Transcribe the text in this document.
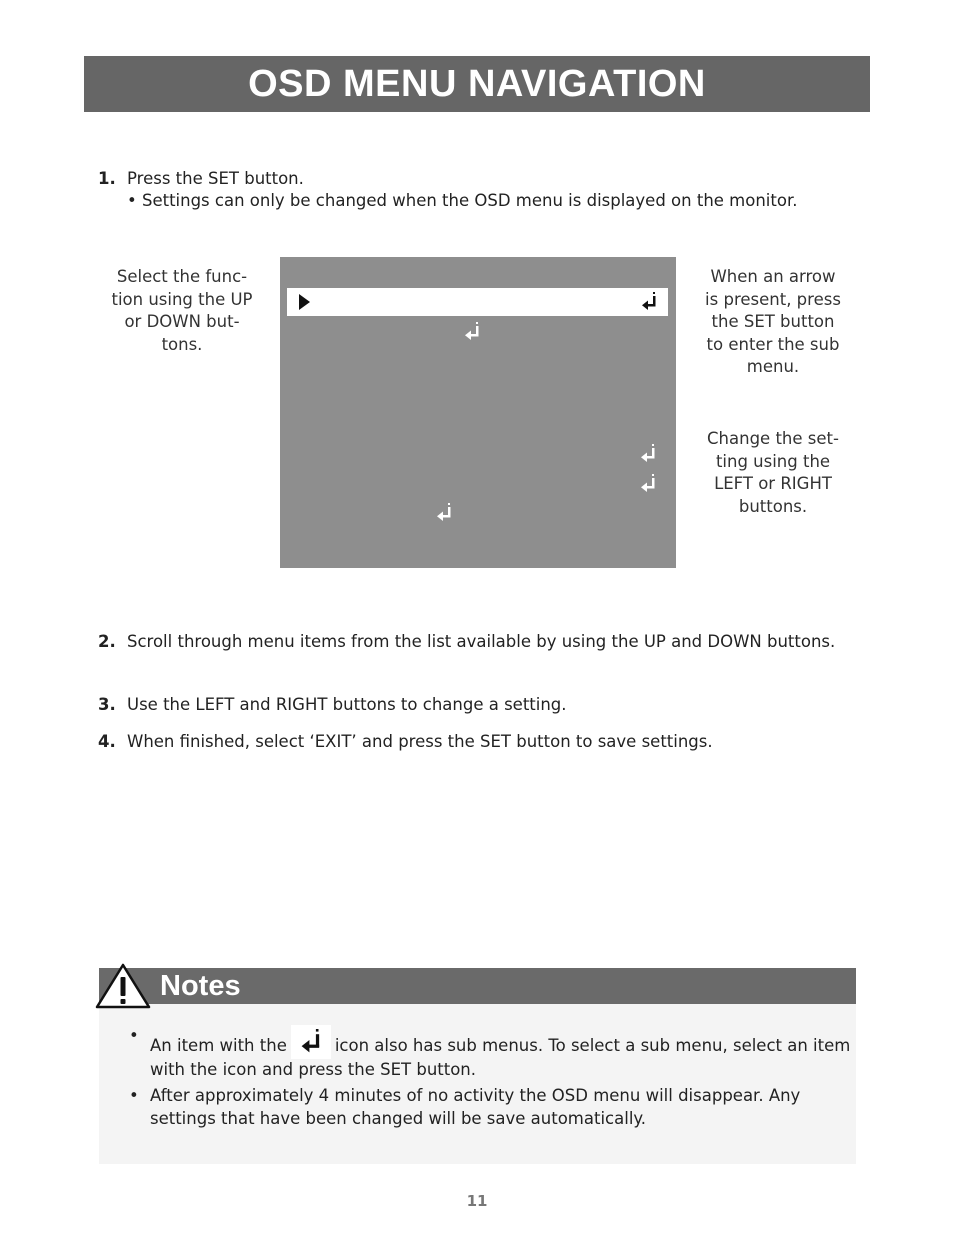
OSD MENU NAVIGATION
1. Press the SET button.
• Settings can only be changed when the OSD menu is displayed on the monitor.
Select the func-
tion using the UP
or DOWN but-
tons.
When an arrow
is present, press
the SET button
to enter the sub
menu.
Change the set-
ting using the
LEFT or RIGHT
buttons.
2. Scroll through menu items from the list available by using the UP and DOWN buttons.
3. Use the LEFT and RIGHT buttons to change a setting.
4. When finished, select ‘EXIT’ and press the SET button to save settings.
Notes
•
An item with the	icon also has sub menus. To select a sub menu, select an item with the icon and press the SET button.
• After approximately 4 minutes of no activity the OSD menu will disappear. Any settings that have been changed will be save automatically.
11
